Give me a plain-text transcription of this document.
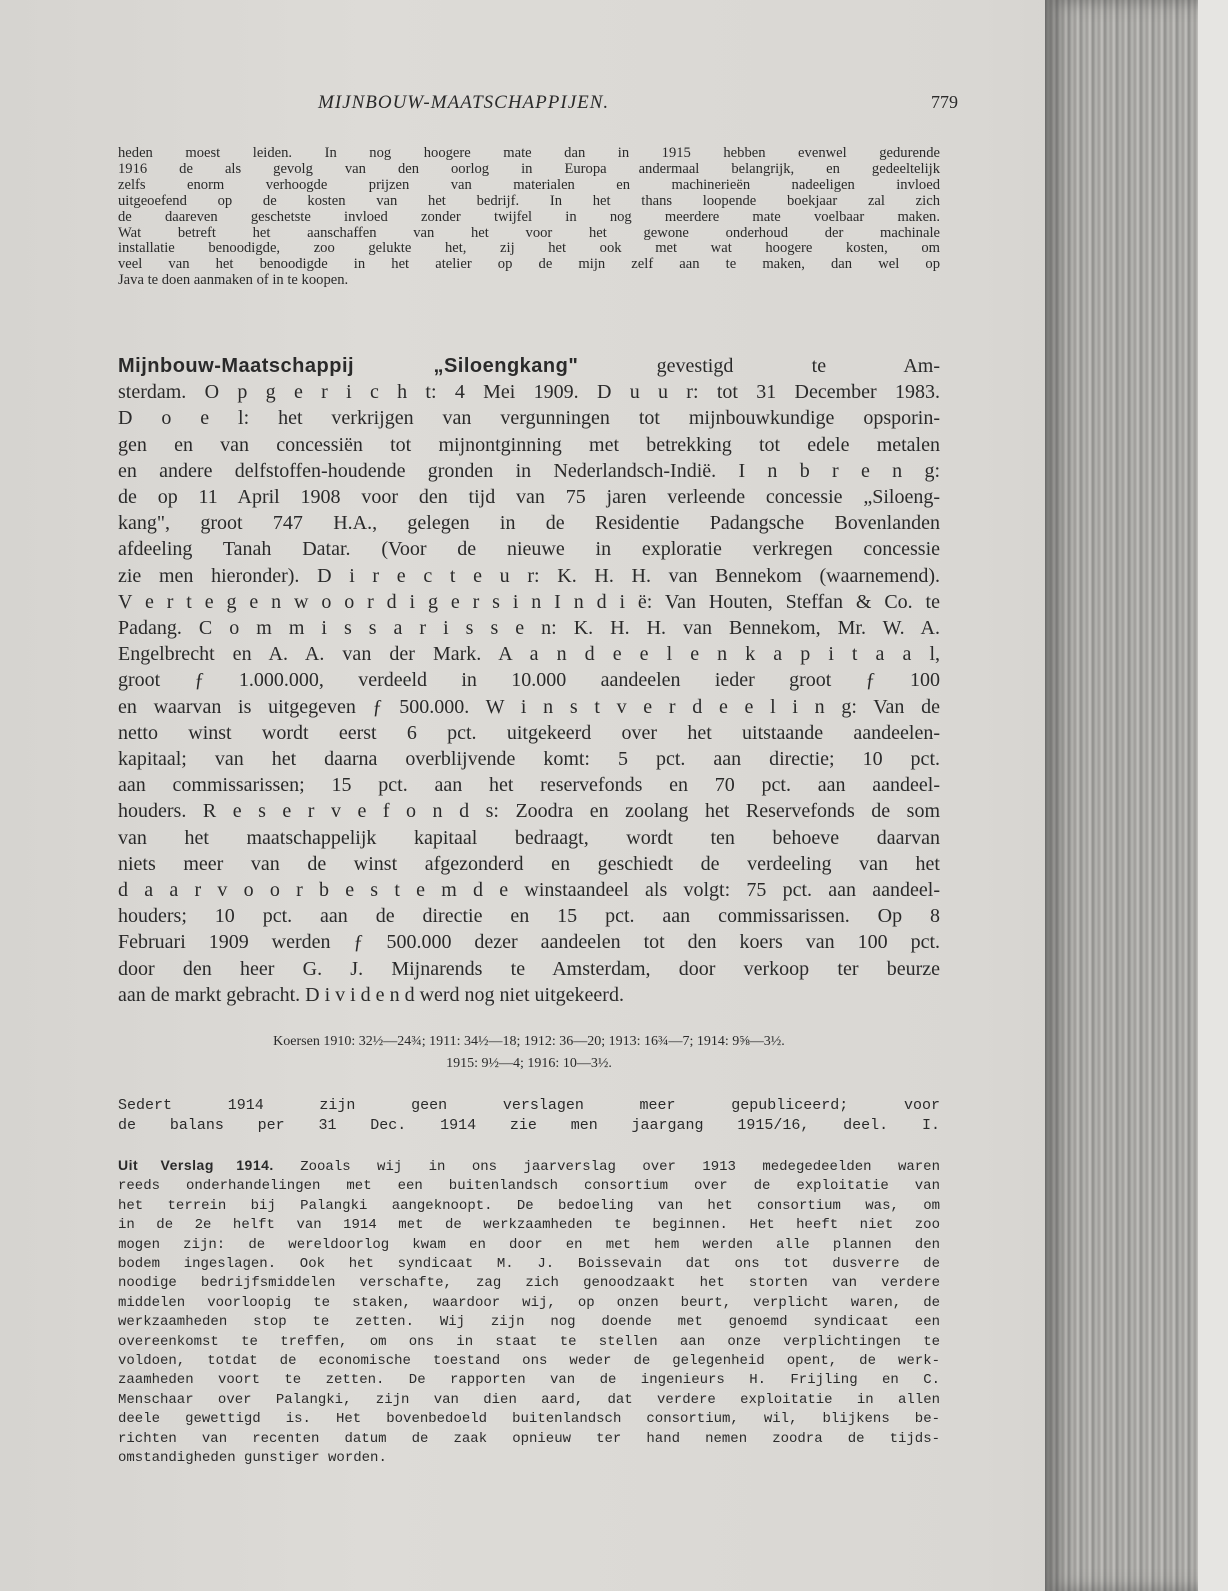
MIJNBOUW-MAATSCHAPPIJEN.	779
heden moest leiden. In nog hoogere mate dan in 1915 hebben evenwel gedurende
1916 de als gevolg van den oorlog in Europa andermaal belangrijk, en gedeeltelijk
zelfs enorm verhoogde prijzen van materialen en machinerieën nadeeligen invloed
uitgeoefend op de kosten van het bedrijf. In het thans loopende boekjaar zal zich
de daareven geschetste invloed zonder twijfel in nog meerdere mate voelbaar maken.
Wat betreft het aanschaffen van het voor het gewone onderhoud der machinale
installatie benoodigde, zoo gelukte het, zij het ook met wat hoogere kosten, om
veel van het benoodigde in het atelier op de mijn zelf aan te maken, dan wel op
Java te doen aanmaken of in te koopen.
Mijnbouw-Maatschappij „Siloengkang" gevestigd te Am-
sterdam. O p g e r i c h t: 4 Mei 1909. D u u r: tot 31 December 1983.
D o e l: het verkrijgen van vergunningen tot mijnbouwkundige opsporin-
gen en van concessiën tot mijnontginning met betrekking tot edele metalen
en andere delfstoffen-houdende gronden in Nederlandsch-Indië. I n b r e n g:
de op 11 April 1908 voor den tijd van 75 jaren verleende concessie „Siloeng-
kang", groot 747 H.A., gelegen in de Residentie Padangsche Bovenlanden
afdeeling Tanah Datar. (Voor de nieuwe in exploratie verkregen concessie
zie men hieronder). D i r e c t e u r: K. H. H. van Bennekom (waarnemend).
V e r t e g e n w o o r d i g e r s i n I n d i ë: Van Houten, Steffan & Co. te
Padang. C o m m i s s a r i s s e n: K. H. H. van Bennekom, Mr. W. A.
Engelbrecht en A. A. van der Mark. A a n d e e l e n k a p i t a a l,
groot ƒ 1.000.000, verdeeld in 10.000 aandeelen ieder groot ƒ 100
en waarvan is uitgegeven ƒ 500.000. W i n s t v e r d e e l i n g: Van de
netto winst wordt eerst 6 pct. uitgekeerd over het uitstaande aandeelen-
kapitaal; van het daarna overblijvende komt: 5 pct. aan directie; 10 pct.
aan commissarissen; 15 pct. aan het reservefonds en 70 pct. aan aandeel-
houders. R e s e r v e f o n d s: Zoodra en zoolang het Reservefonds de som
van het maatschappelijk kapitaal bedraagt, wordt ten behoeve daarvan
niets meer van de winst afgezonderd en geschiedt de verdeeling van het
d a a r v o o r b e s t e m d e winstaandeel als volgt: 75 pct. aan aandeel-
houders; 10 pct. aan de directie en 15 pct. aan commissarissen. Op 8
Februari 1909 werden ƒ 500.000 dezer aandeelen tot den koers van 100 pct.
door den heer G. J. Mijnarends te Amsterdam, door verkoop ter beurze
aan de markt gebracht. D i v i d e n d werd nog niet uitgekeerd.
Koersen 1910: 32½—24¾; 1911: 34½—18; 1912: 36—20; 1913: 16¾—7; 1914: 9⅝—3½.
1915: 9½—4; 1916: 10—3½.
Sedert 1914 zijn geen verslagen meer gepubliceerd; voor
de balans per 31 Dec. 1914 zie men jaargang 1915/16, deel. I.
Uit Verslag 1914. Zooals wij in ons jaarverslag over 1913 medegedeelden waren
reeds onderhandelingen met een buitenlandsch consortium over de exploitatie van
het terrein bij Palangki aangeknoopt. De bedoeling van het consortium was, om
in de 2e helft van 1914 met de werkzaamheden te beginnen. Het heeft niet zoo
mogen zijn: de wereldoorlog kwam en door en met hem werden alle plannen den
bodem ingeslagen. Ook het syndicaat M. J. Boissevain dat ons tot dusverre de
noodige bedrijfsmiddelen verschafte, zag zich genoodzaakt het storten van verdere
middelen voorloopig te staken, waardoor wij, op onzen beurt, verplicht waren, de
werkzaamheden stop te zetten. Wij zijn nog doende met genoemd syndicaat een
overeenkomst te treffen, om ons in staat te stellen aan onze verplichtingen te
voldoen, totdat de economische toestand ons weder de gelegenheid opent, de werk-
zaamheden voort te zetten. De rapporten van de ingenieurs H. Frijling en C.
Menschaar over Palangki, zijn van dien aard, dat verdere exploitatie in allen
deele gewettigd is. Het bovenbedoeld buitenlandsch consortium, wil, blijkens be-
richten van recenten datum de zaak opnieuw ter hand nemen zoodra de tijds-
omstandigheden gunstiger worden.
